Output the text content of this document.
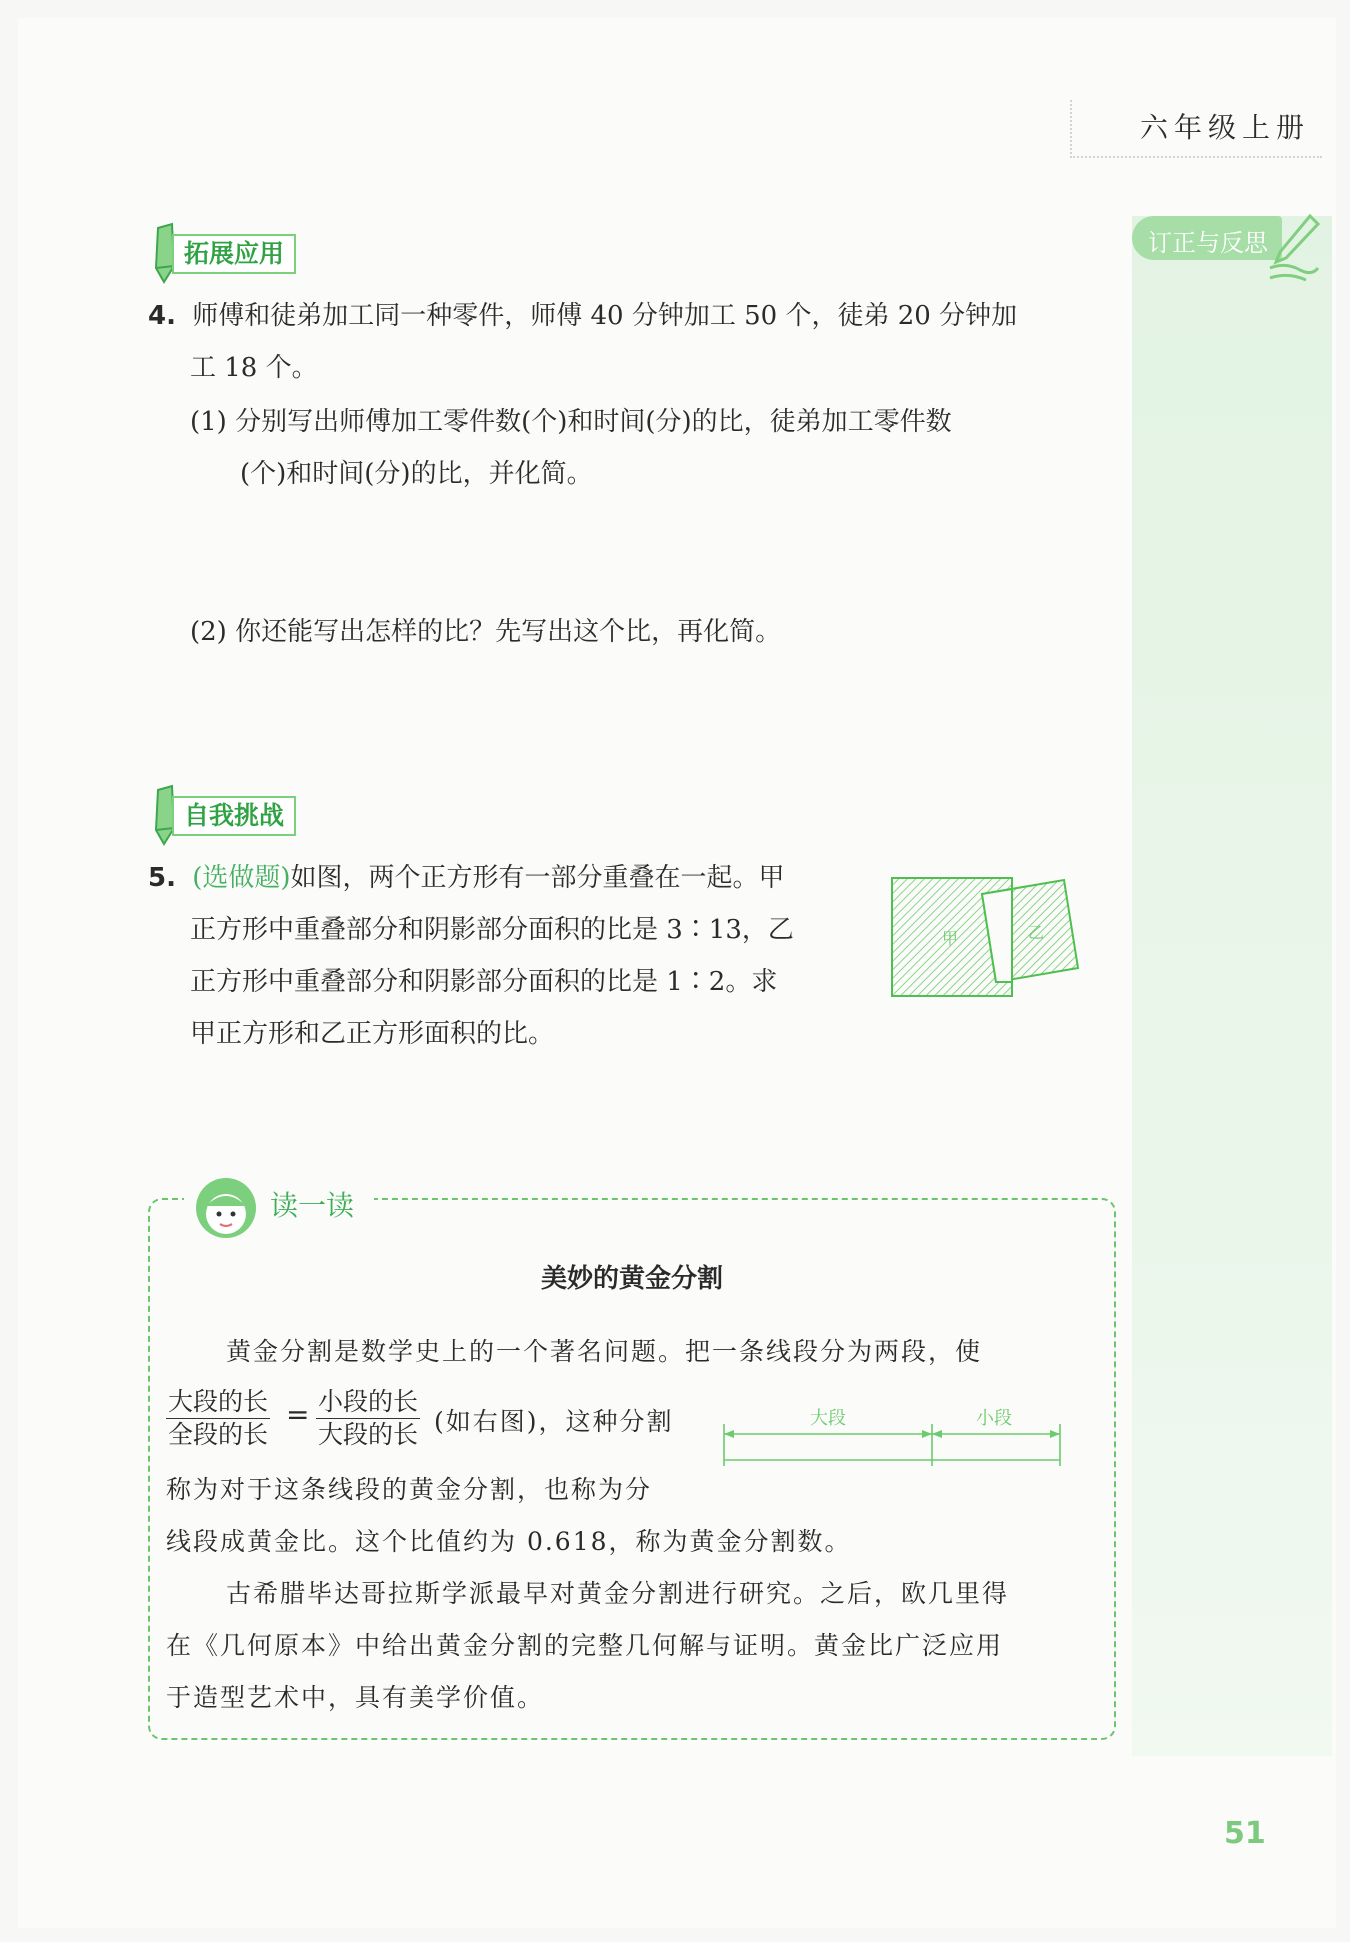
六年级上册
订正与反思
拓展应用
4. 师傅和徒弟加工同一种零件，师傅 40 分钟加工 50 个，徒弟 20 分钟加
工 18 个。
(1) 分别写出师傅加工零件数(个)和时间(分)的比，徒弟加工零件数
(个)和时间(分)的比，并化简。
(2) 你还能写出怎样的比？先写出这个比，再化简。
自我挑战
5. (选做题)如图，两个正方形有一部分重叠在一起。甲
正方形中重叠部分和阴影部分面积的比是 3∶13，乙
正方形中重叠部分和阴影部分面积的比是 1∶2。求
甲正方形和乙正方形面积的比。
甲	乙
读一读
美妙的黄金分割
黄金分割是数学史上的一个著名问题。把一条线段分为两段，使
大段的长
全段的长
= 小段的长
大段的长 (如右图)，这种分割	大段	小段
称为对于这条线段的黄金分割，也称为分
线段成黄金比。这个比值约为 0.618，称为黄金分割数。
古希腊毕达哥拉斯学派最早对黄金分割进行研究。之后，欧几里得
在《几何原本》中给出黄金分割的完整几何解与证明。黄金比广泛应用
于造型艺术中，具有美学价值。
51
